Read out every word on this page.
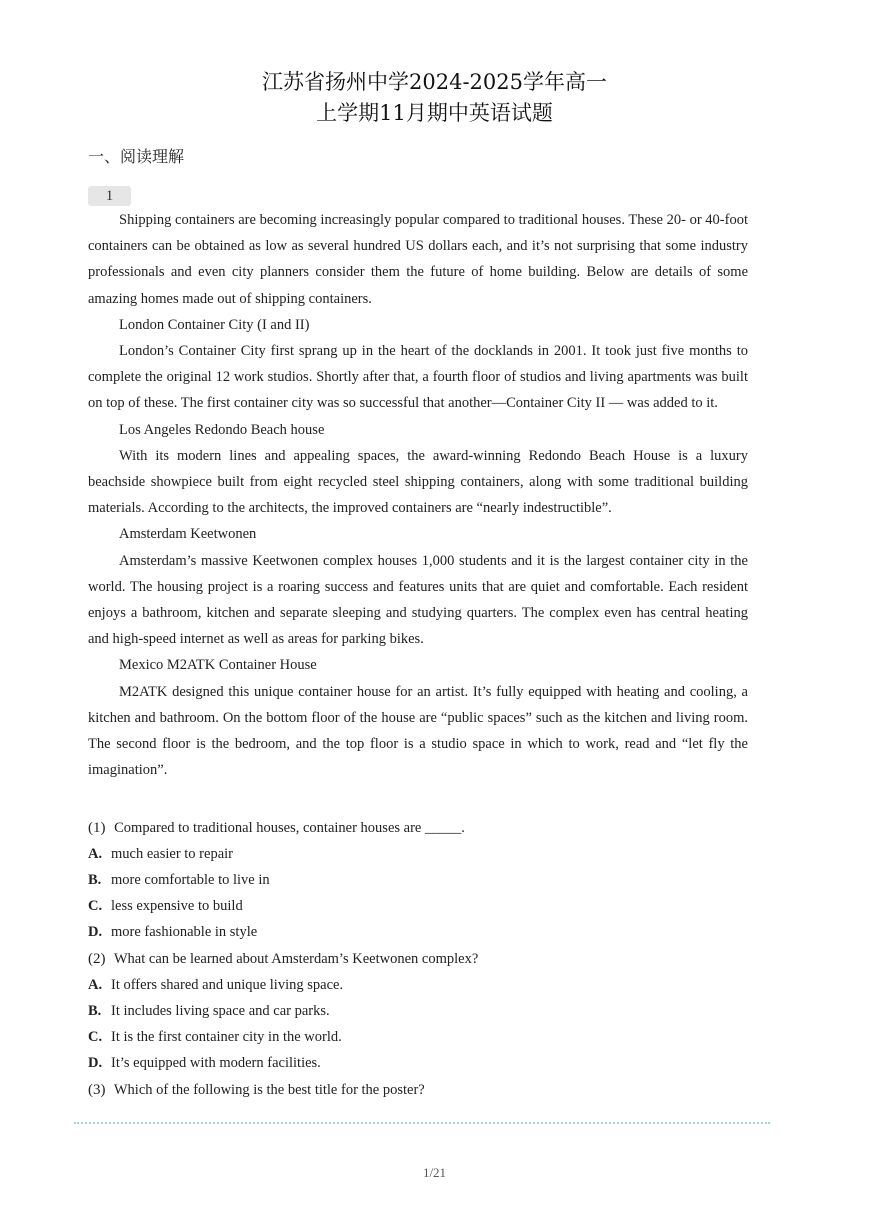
江苏省扬州中学2024-2025学年高一
上学期11月期中英语试题
一、阅读理解
1

Shipping containers are becoming increasingly popular compared to traditional houses. These 20- or 40-foot containers can be obtained as low as several hundred US dollars each, and it’s not surprising that some industry professionals and even city planners consider them the future of home building. Below are details of some amazing homes made out of shipping containers.

London Container City (I and II)

London’s Container City first sprang up in the heart of the docklands in 2001. It took just five months to complete the original 12 work studios. Shortly after that, a fourth floor of studios and living apartments was built on top of these. The first container city was so successful that another—Container City II — was added to it.

Los Angeles Redondo Beach house

With its modern lines and appealing spaces, the award-winning Redondo Beach House is a luxury beachside showpiece built from eight recycled steel shipping containers, along with some traditional building materials. According to the architects, the improved containers are “nearly indestructible”.

Amsterdam Keetwonen

Amsterdam’s massive Keetwonen complex houses 1,000 students and it is the largest container city in the world. The housing project is a roaring success and features units that are quiet and comfortable. Each resident enjoys a bathroom, kitchen and separate sleeping and studying quarters. The complex even has central heating and high-speed internet as well as areas for parking bikes.

Mexico M2ATK Container House

M2ATK designed this unique container house for an artist. It’s fully equipped with heating and cooling, a kitchen and bathroom. On the bottom floor of the house are “public spaces” such as the kitchen and living room. The second floor is the bedroom, and the top floor is a studio space in which to work, read and “let fly the imagination”.

(1) Compared to traditional houses, container houses are _____.
A. much easier to repair
B. more comfortable to live in
C. less expensive to build
D. more fashionable in style
(2) What can be learned about Amsterdam’s Keetwonen complex?
A. It offers shared and unique living space.
B. It includes living space and car parks.
C. It is the first container city in the world.
D. It’s equipped with modern facilities.
(3) Which of the following is the best title for the poster?
1/21
